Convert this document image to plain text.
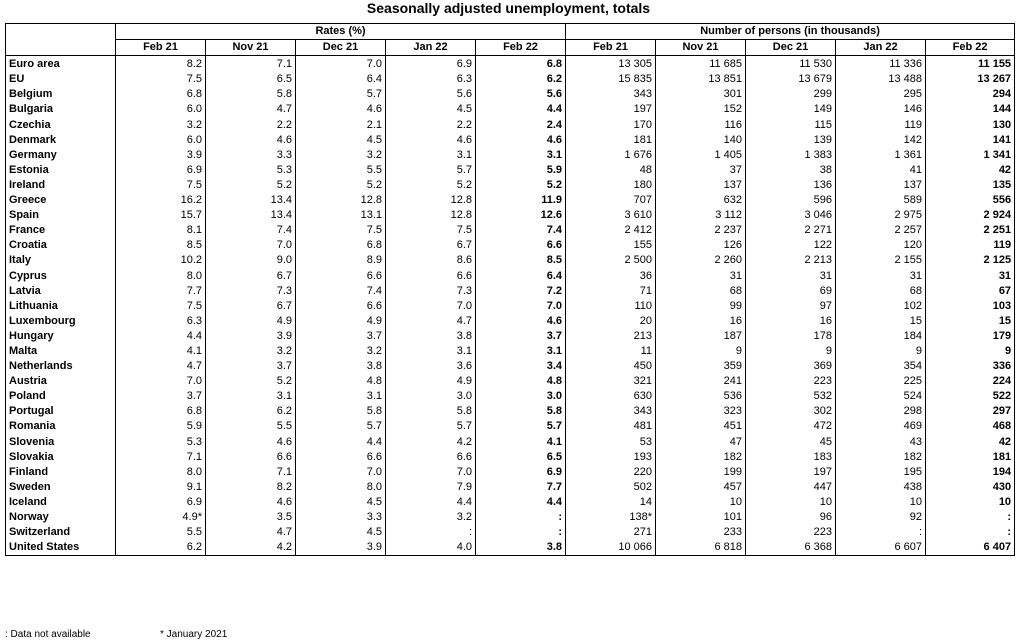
Seasonally adjusted unemployment, totals
	Rates (%)					Number of persons (in thousands)				
	Feb 21	Nov 21	Dec 21	Jan 22	Feb 22	Feb 21	Nov 21	Dec 21	Jan 22	Feb 22
Euro area	8.2	7.1	7.0	6.9	6.8	13 305	11 685	11 530	11 336	11 155
EU	7.5	6.5	6.4	6.3	6.2	15 835	13 851	13 679	13 488	13 267
Belgium	6.8	5.8	5.7	5.6	5.6	343	301	299	295	294
Bulgaria	6.0	4.7	4.6	4.5	4.4	197	152	149	146	144
Czechia	3.2	2.2	2.1	2.2	2.4	170	116	115	119	130
Denmark	6.0	4.6	4.5	4.6	4.6	181	140	139	142	141
Germany	3.9	3.3	3.2	3.1	3.1	1 676	1 405	1 383	1 361	1 341
Estonia	6.9	5.3	5.5	5.7	5.9	48	37	38	41	42
Ireland	7.5	5.2	5.2	5.2	5.2	180	137	136	137	135
Greece	16.2	13.4	12.8	12.8	11.9	707	632	596	589	556
Spain	15.7	13.4	13.1	12.8	12.6	3 610	3 112	3 046	2 975	2 924
France	8.1	7.4	7.5	7.5	7.4	2 412	2 237	2 271	2 257	2 251
Croatia	8.5	7.0	6.8	6.7	6.6	155	126	122	120	119
Italy	10.2	9.0	8.9	8.6	8.5	2 500	2 260	2 213	2 155	2 125
Cyprus	8.0	6.7	6.6	6.6	6.4	36	31	31	31	31
Latvia	7.7	7.3	7.4	7.3	7.2	71	68	69	68	67
Lithuania	7.5	6.7	6.6	7.0	7.0	110	99	97	102	103
Luxembourg	6.3	4.9	4.9	4.7	4.6	20	16	16	15	15
Hungary	4.4	3.9	3.7	3.8	3.7	213	187	178	184	179
Malta	4.1	3.2	3.2	3.1	3.1	11	9	9	9	9
Netherlands	4.7	3.7	3.8	3.6	3.4	450	359	369	354	336
Austria	7.0	5.2	4.8	4.9	4.8	321	241	223	225	224
Poland	3.7	3.1	3.1	3.0	3.0	630	536	532	524	522
Portugal	6.8	6.2	5.8	5.8	5.8	343	323	302	298	297
Romania	5.9	5.5	5.7	5.7	5.7	481	451	472	469	468
Slovenia	5.3	4.6	4.4	4.2	4.1	53	47	45	43	42
Slovakia	7.1	6.6	6.6	6.6	6.5	193	182	183	182	181
Finland	8.0	7.1	7.0	7.0	6.9	220	199	197	195	194
Sweden	9.1	8.2	8.0	7.9	7.7	502	457	447	438	430
Iceland	6.9	4.6	4.5	4.4	4.4	14	10	10	10	10
Norway	4.9*	3.5	3.3	3.2	:	138*	101	96	92	:
Switzerland	5.5	4.7	4.5	:	:	271	233	223	:	:
United States	6.2	4.2	3.9	4.0	3.8	10 066	6 818	6 368	6 607	6 407
: Data not available	* January 2021
